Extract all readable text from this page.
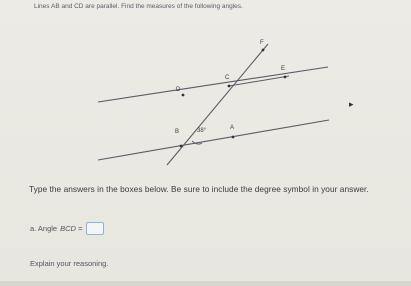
Lines AB and CD are parallel. Find the measures of the following angles.
F
C
D
E
B
A
38°
▸
Type the answers in the boxes below. Be sure to include the degree symbol in your answer.
a. Angle BCD =
Explain your reasoning.
